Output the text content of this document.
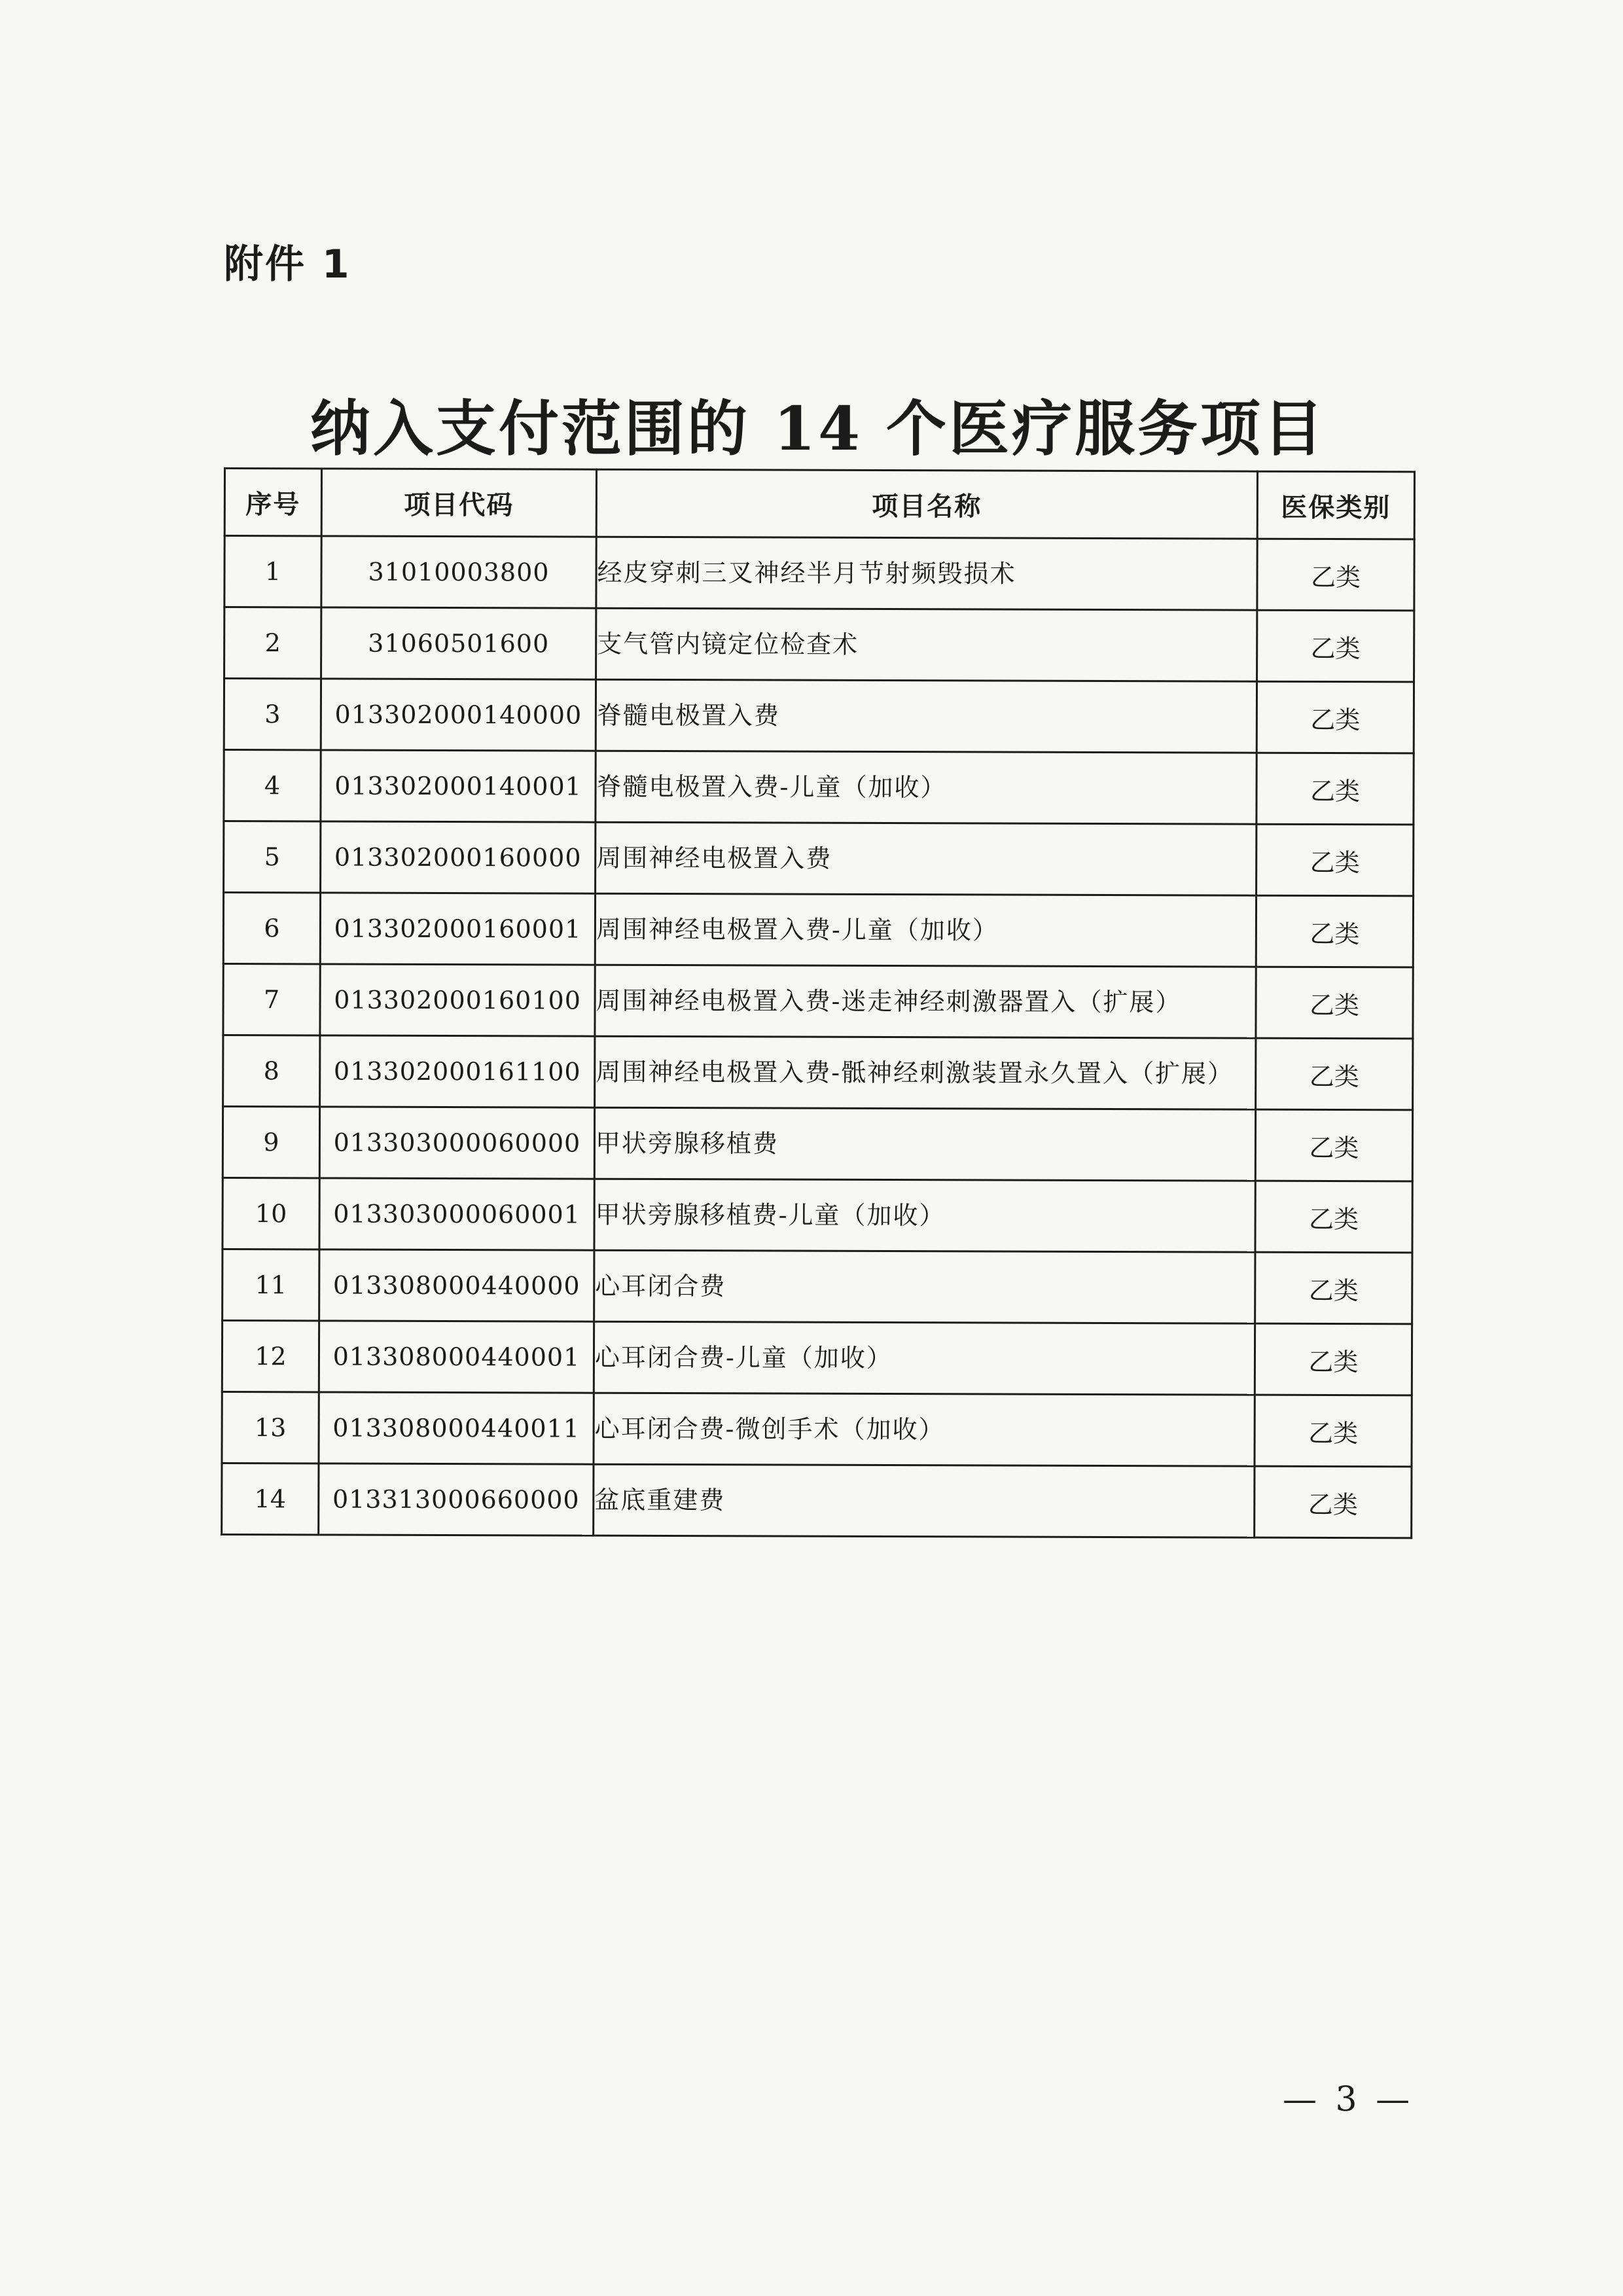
附件 1
纳入支付范围的 14 个医疗服务项目
序号	项目代码	项目名称	医保类别
1	31010003800	经皮穿刺三叉神经半月节射频毁损术	乙类
2	31060501600	支气管内镜定位检查术	乙类
3	013302000140000	脊髓电极置入费	乙类
4	013302000140001	脊髓电极置入费-儿童（加收）	乙类
5	013302000160000	周围神经电极置入费	乙类
6	013302000160001	周围神经电极置入费-儿童（加收）	乙类
7	013302000160100	周围神经电极置入费-迷走神经刺激器置入（扩展）	乙类
8	013302000161100	周围神经电极置入费-骶神经刺激装置永久置入（扩展）	乙类
9	013303000060000	甲状旁腺移植费	乙类
10	013303000060001	甲状旁腺移植费-儿童（加收）	乙类
11	013308000440000	心耳闭合费	乙类
12	013308000440001	心耳闭合费-儿童（加收）	乙类
13	013308000440011	心耳闭合费-微创手术（加收）	乙类
14	013313000660000	盆底重建费	乙类
— 3 —
